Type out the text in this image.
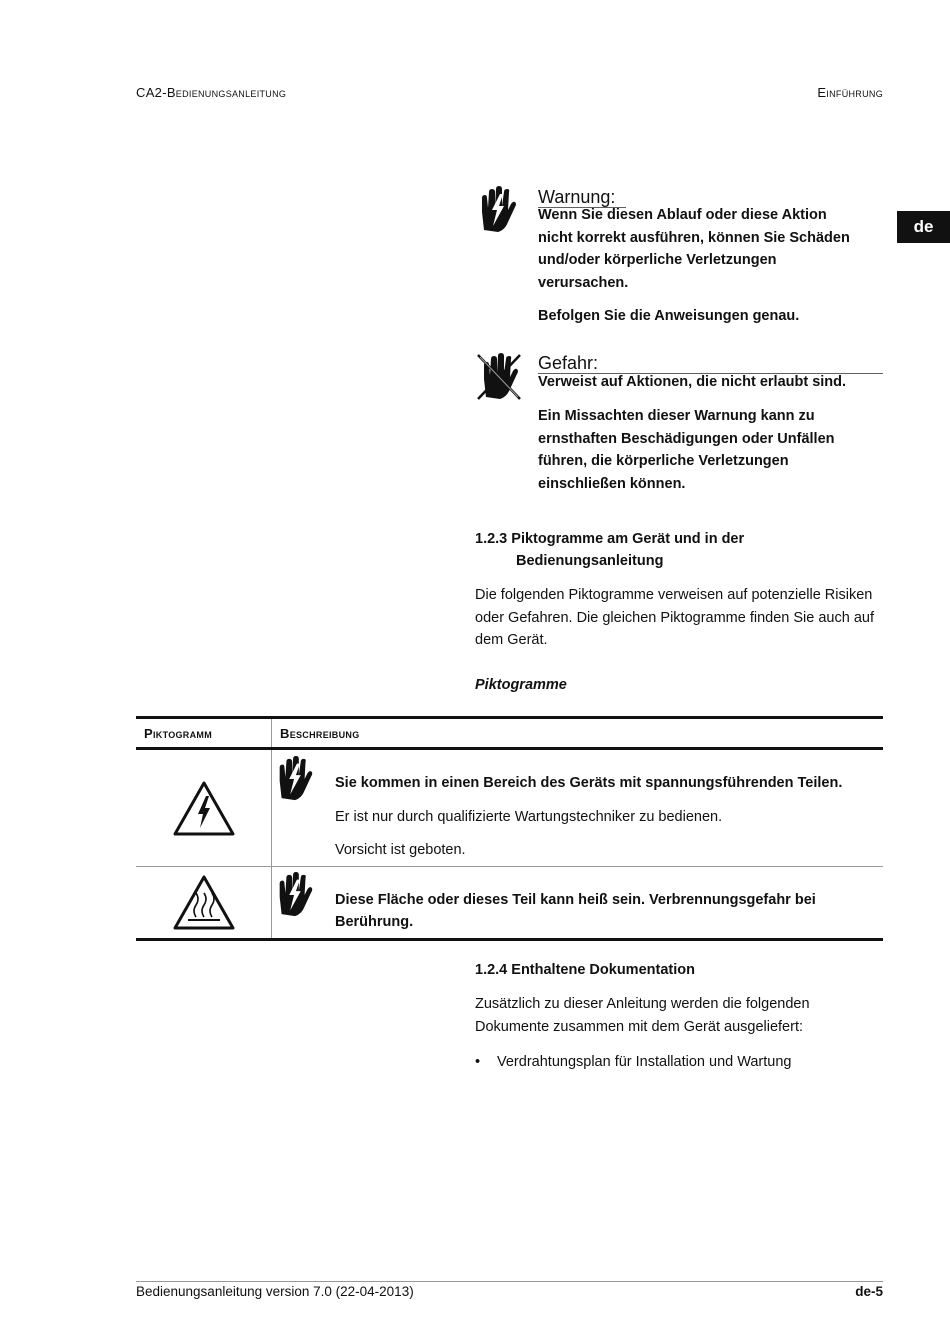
CA2-Bedienungsanleitung	Einführung
de
Warnung:
Wenn Sie diesen Ablauf oder diese Aktion
nicht korrekt ausführen, können Sie Schäden
und/oder körperliche Verletzungen
verursachen.
Befolgen Sie die Anweisungen genau.
Gefahr:
Verweist auf Aktionen, die nicht erlaubt sind.
Ein Missachten dieser Warnung kann zu
ernsthaften Beschädigungen oder Unfällen
führen, die körperliche Verletzungen
einschließen können.
1.2.3 Piktogramme am Gerät und in der
Bedienungsanleitung
Die folgenden Piktogramme verweisen auf potenzielle Risiken
oder Gefahren. Die gleichen Piktogramme finden Sie auch auf
dem Gerät.
Piktogramme
Piktogramm	Beschreibung

Sie kommen in einen Bereich des Geräts mit spannungsführenden Teilen.
Er ist nur durch qualifizierte Wartungstechniker zu bedienen.
Vorsicht ist geboten.

Diese Fläche oder dieses Teil kann heiß sein. Verbrennungsgefahr bei
Berührung.
1.2.4 Enthaltene Dokumentation
Zusätzlich zu dieser Anleitung werden die folgenden
Dokumente zusammen mit dem Gerät ausgeliefert:
• Verdrahtungsplan für Installation und Wartung
Bedienungsanleitung version 7.0 (22-04-2013)	de-5
